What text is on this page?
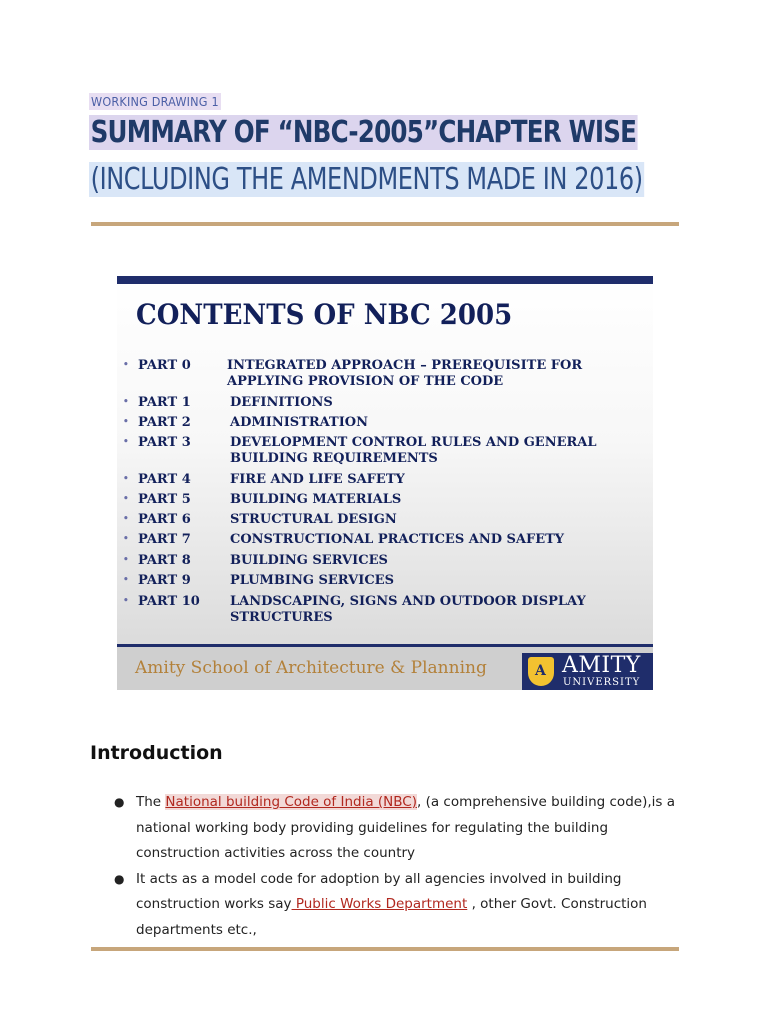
WORKING DRAWING 1
SUMMARY OF “NBC-2005”CHAPTER WISE
(INCLUDING THE AMENDMENTS MADE IN 2016)
CONTENTS OF NBC 2005
• PART 0	INTEGRATED APPROACH – PREREQUISITE FOR APPLYING PROVISION OF THE CODE
• PART 1	DEFINITIONS
• PART 2	ADMINISTRATION
• PART 3	DEVELOPMENT CONTROL RULES AND GENERAL BUILDING REQUIREMENTS
• PART 4	FIRE AND LIFE SAFETY
• PART 5	BUILDING MATERIALS
• PART 6	STRUCTURAL DESIGN
• PART 7	CONSTRUCTIONAL PRACTICES AND SAFETY
• PART 8	BUILDING SERVICES
• PART 9	PLUMBING SERVICES
• PART 10 LANDSCAPING, SIGNS AND OUTDOOR DISPLAY STRUCTURES
Amity School of Architecture & Planning	A AMITY
UNIVERSITY
Introduction
● The National building Code of India (NBC), (a comprehensive building code),is a national working body providing guidelines for regulating the building construction activities across the country
● It acts as a model code for adoption by all agencies involved in building construction works say Public Works Department , other Govt. Construction departments etc.,
